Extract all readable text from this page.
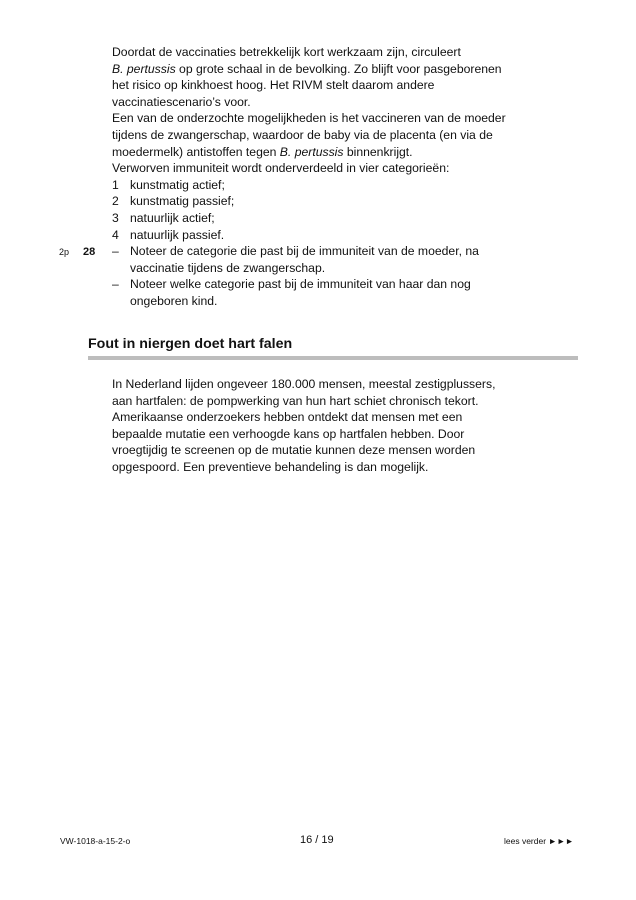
Doordat de vaccinaties betrekkelijk kort werkzaam zijn, circuleert
B. pertussis op grote schaal in de bevolking. Zo blijft voor pasgeborenen
het risico op kinkhoest hoog. Het RIVM stelt daarom andere
vaccinatiescenario’s voor.
Een van de onderzochte mogelijkheden is het vaccineren van de moeder
tijdens de zwangerschap, waardoor de baby via de placenta (en via de
moedermelk) antistoffen tegen B. pertussis binnenkrijgt.
Verworven immuniteit wordt onderverdeeld in vier categorieën:
1 kunstmatig actief;
2 kunstmatig passief;
3 natuurlijk actief;
4 natuurlijk passief.
2p 28 – Noteer de categorie die past bij de immuniteit van de moeder, na
vaccinatie tijdens de zwangerschap.
– Noteer welke categorie past bij de immuniteit van haar dan nog
ongeboren kind.
Fout in niergen doet hart falen
In Nederland lijden ongeveer 180.000 mensen, meestal zestigplussers,
aan hartfalen: de pompwerking van hun hart schiet chronisch tekort.
Amerikaanse onderzoekers hebben ontdekt dat mensen met een
bepaalde mutatie een verhoogde kans op hartfalen hebben. Door
vroegtijdig te screenen op de mutatie kunnen deze mensen worden
opgespoord. Een preventieve behandeling is dan mogelijk.
VW-1018-a-15-2-o	16 / 19	lees verder ►►►
